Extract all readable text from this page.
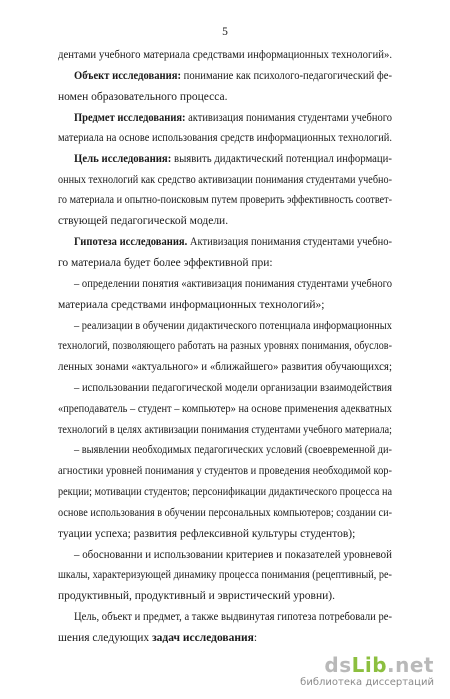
5
дентами учебного материала средствами информационных технологий».
Объект исследования: понимание как психолого-педагогический фе-
номен образовательного процесса.
Предмет исследования: активизация понимания студентами учебного
материала на основе использования средств информационных технологий.
Цель исследования: выявить дидактический потенциал информаци-
онных технологий как средство активизации понимания студентами учебно-
го материала и опытно-поисковым путем проверить эффективность соответ-
ствующей педагогической модели.
Гипотеза исследования. Активизация понимания студентами учебно-
го материала будет более эффективной при:
– определении понятия «активизация понимания студентами учебного
материала средствами информационных технологий»;
– реализации в обучении дидактического потенциала информационных
технологий, позволяющего работать на разных уровнях понимания, обуслов-
ленных зонами «актуального» и «ближайшего» развития обучающихся;
– использовании педагогической модели организации взаимодействия
«преподаватель – студент – компьютер» на основе применения адекватных
технологий в целях активизации понимания студентами учебного материала;
– выявлении необходимых педагогических условий (своевременной ди-
агностики уровней понимания у студентов и проведения необходимой кор-
рекции; мотивации студентов; персонификации дидактического процесса на
основе использования в обучении персональных компьютеров; создании си-
туации успеха; развития рефлексивной культуры студентов);
– обоснованни и использовании критериев и показателей уровневой
шкалы, характеризующей динамику процесса понимания (рецептивный, ре-
продуктивный, продуктивный и эвристический уровни).
Цель, объект и предмет, а также выдвинутая гипотеза потребовали ре-
шения следующих задач исследования:
dsLib.net
библиотека диссертаций
